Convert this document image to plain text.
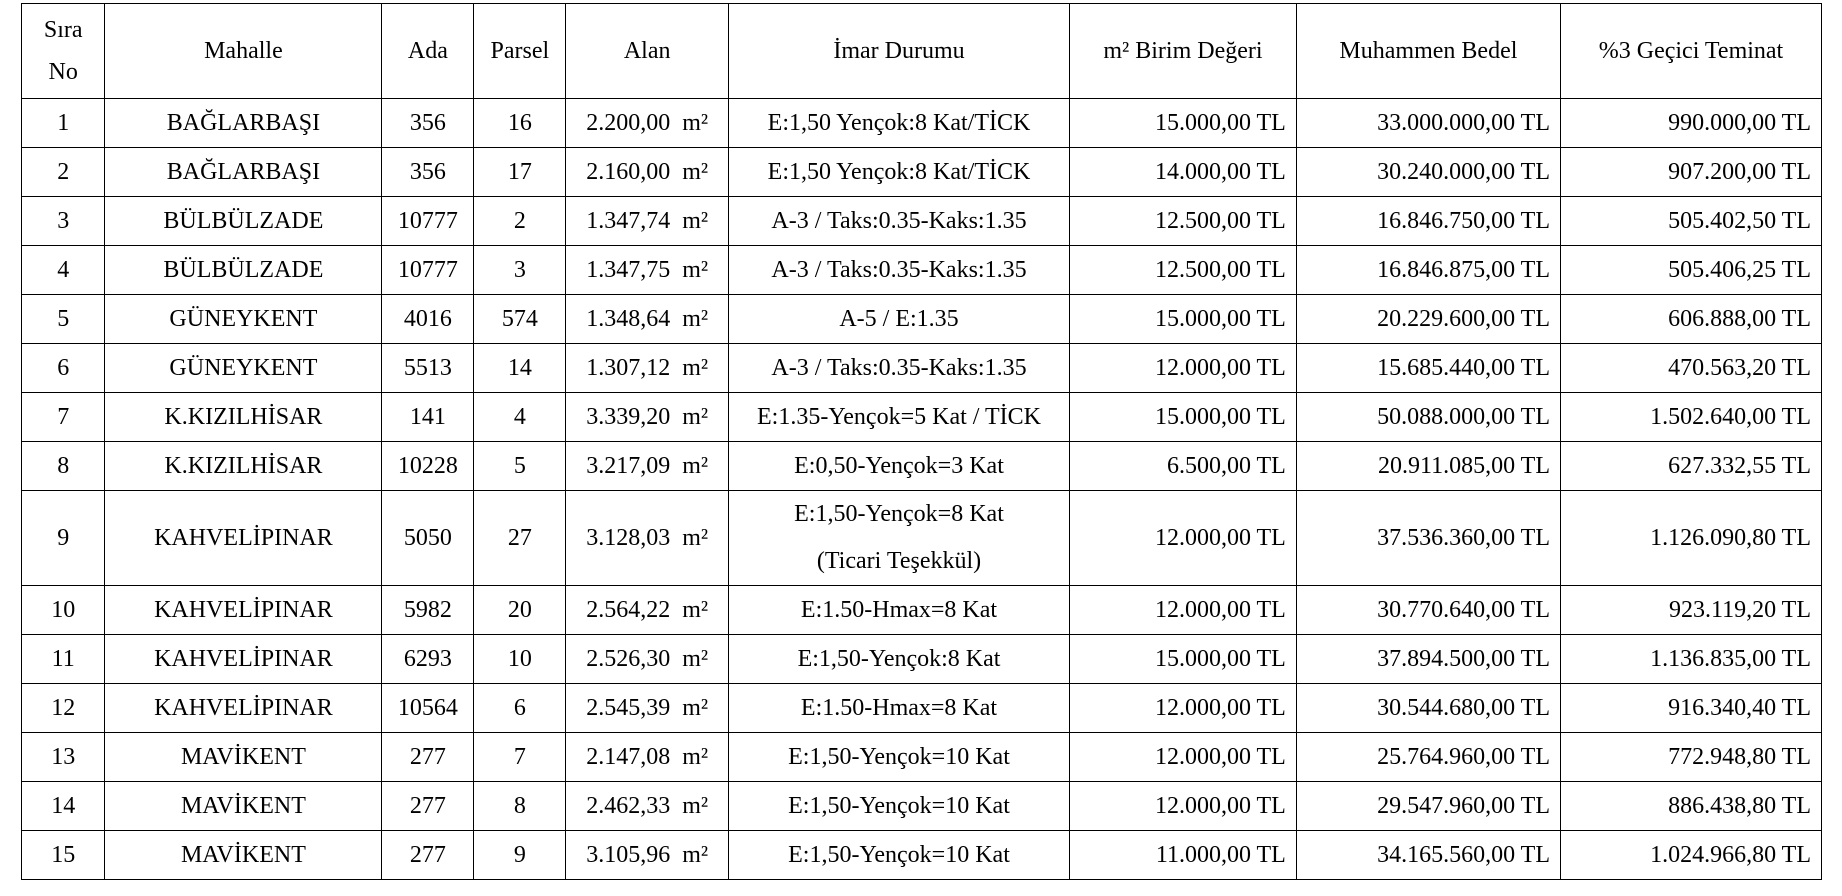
Sıra
No	Mahalle	Ada	Parsel	Alan	İmar Durumu	m² Birim Değeri	Muhammen Bedel	%3 Geçici Teminat
1	BAĞLARBAŞI	356	16	2.200,00 m²	E:1,50 Yençok:8 Kat/TİCK	15.000,00 TL	33.000.000,00 TL	990.000,00 TL
2	BAĞLARBAŞI	356	17	2.160,00 m²	E:1,50 Yençok:8 Kat/TİCK	14.000,00 TL	30.240.000,00 TL	907.200,00 TL
3	BÜLBÜLZADE	10777	2	1.347,74 m²	A-3 / Taks:0.35-Kaks:1.35	12.500,00 TL	16.846.750,00 TL	505.402,50 TL
4	BÜLBÜLZADE	10777	3	1.347,75 m²	A-3 / Taks:0.35-Kaks:1.35	12.500,00 TL	16.846.875,00 TL	505.406,25 TL
5	GÜNEYKENT	4016	574	1.348,64 m²	A-5 / E:1.35	15.000,00 TL	20.229.600,00 TL	606.888,00 TL
6	GÜNEYKENT	5513	14	1.307,12 m²	A-3 / Taks:0.35-Kaks:1.35	12.000,00 TL	15.685.440,00 TL	470.563,20 TL
7	K.KIZILHİSAR	141	4	3.339,20 m²	E:1.35-Yençok=5 Kat / TİCK	15.000,00 TL	50.088.000,00 TL	1.502.640,00 TL
8	K.KIZILHİSAR	10228	5	3.217,09 m²	E:0,50-Yençok=3 Kat	6.500,00 TL	20.911.085,00 TL	627.332,55 TL
9	KAHVELİPINAR	5050	27	3.128,03 m²	E:1,50-Yençok=8 Kat
(Ticari Teşekkül)	12.000,00 TL	37.536.360,00 TL	1.126.090,80 TL
10	KAHVELİPINAR	5982	20	2.564,22 m²	E:1.50-Hmax=8 Kat	12.000,00 TL	30.770.640,00 TL	923.119,20 TL
11	KAHVELİPINAR	6293	10	2.526,30 m²	E:1,50-Yençok:8 Kat	15.000,00 TL	37.894.500,00 TL	1.136.835,00 TL
12	KAHVELİPINAR	10564	6	2.545,39 m²	E:1.50-Hmax=8 Kat	12.000,00 TL	30.544.680,00 TL	916.340,40 TL
13	MAVİKENT	277	7	2.147,08 m²	E:1,50-Yençok=10 Kat	12.000,00 TL	25.764.960,00 TL	772.948,80 TL
14	MAVİKENT	277	8	2.462,33 m²	E:1,50-Yençok=10 Kat	12.000,00 TL	29.547.960,00 TL	886.438,80 TL
15	MAVİKENT	277	9	3.105,96 m²	E:1,50-Yençok=10 Kat	11.000,00 TL	34.165.560,00 TL	1.024.966,80 TL
